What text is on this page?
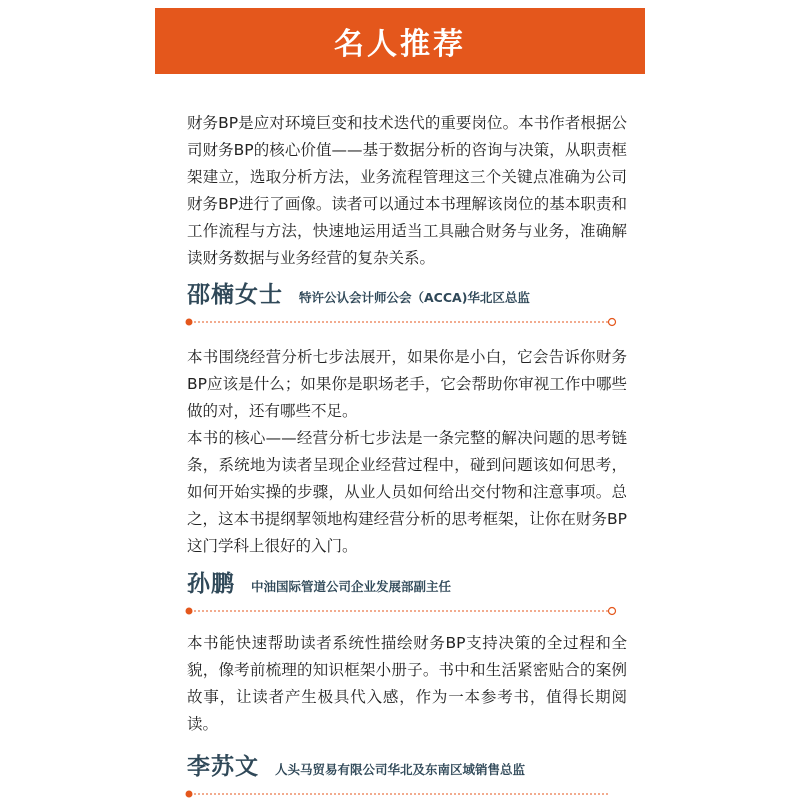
名人推荐

财务BP是应对环境巨变和技术迭代的重要岗位。本书作者根据公司财务BP的核心价值——基于数据分析的咨询与决策，从职责框架建立，选取分析方法，业务流程管理这三个关键点准确为公司财务BP进行了画像。读者可以通过本书理解该岗位的基本职责和工作流程与方法，快速地运用适当工具融合财务与业务，准确解读财务数据与业务经营的复杂关系。

邵楠女士 特许公认会计师公会（ACCA)华北区总监

本书围绕经营分析七步法展开，如果你是小白，它会告诉你财务BP应该是什么；如果你是职场老手，它会帮助你审视工作中哪些做的对，还有哪些不足。

本书的核心——经营分析七步法是一条完整的解决问题的思考链条，系统地为读者呈现企业经营过程中，碰到问题该如何思考，如何开始实操的步骤，从业人员如何给出交付物和注意事项。总之，这本书提纲挈领地构建经营分析的思考框架，让你在财务BP这门学科上很好的入门。

孙鹏 中油国际管道公司企业发展部副主任

本书能快速帮助读者系统性描绘财务BP支持决策的全过程和全貌，像考前梳理的知识框架小册子。书中和生活紧密贴合的案例故事，让读者产生极具代入感，作为一本参考书，值得长期阅读。

李苏文 人头马贸易有限公司华北及东南区域销售总监
